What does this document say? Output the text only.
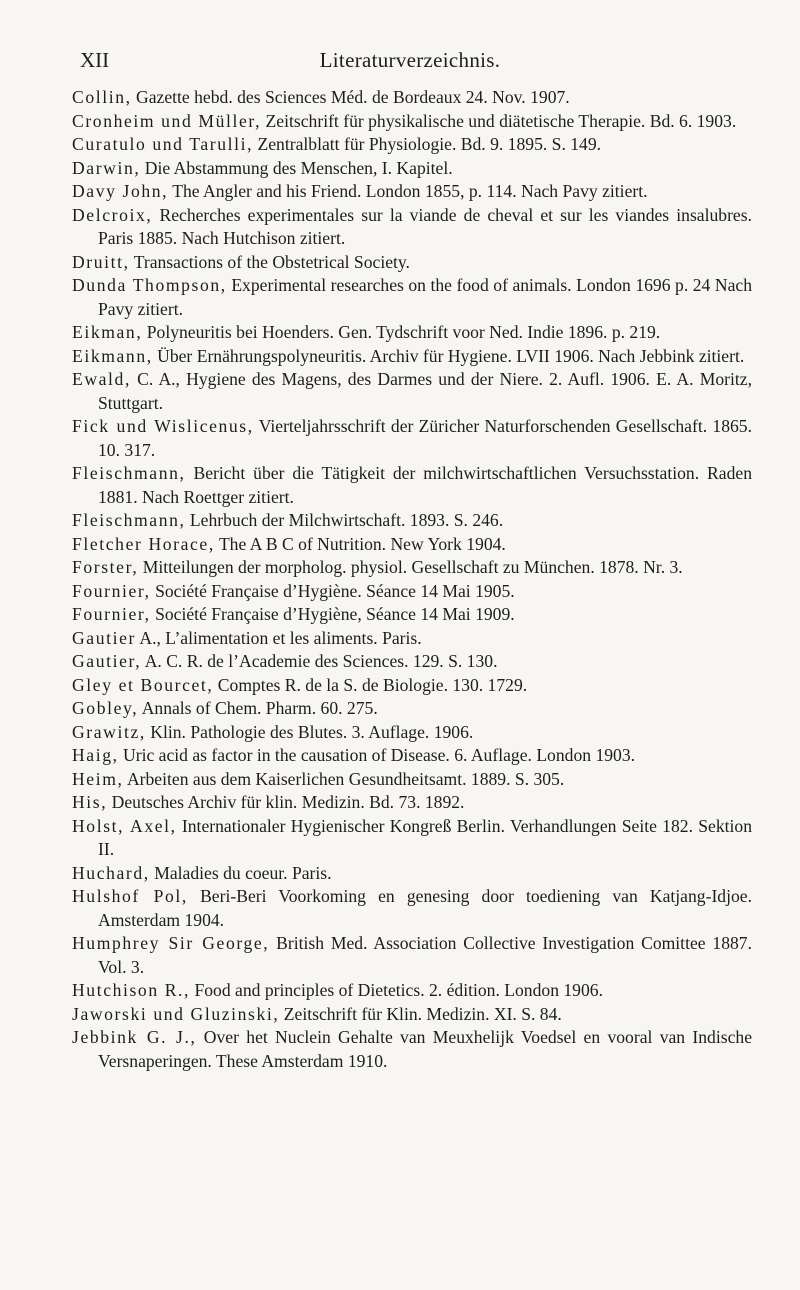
XII	Literaturverzeichnis.
Collin, Gazette hebd. des Sciences Méd. de Bordeaux 24. Nov. 1907.
Cronheim und Müller, Zeitschrift für physikalische und diätetische Therapie. Bd. 6. 1903.
Curatulo und Tarulli, Zentralblatt für Physiologie. Bd. 9. 1895. S. 149.
Darwin, Die Abstammung des Menschen, I. Kapitel.
Davy John, The Angler and his Friend. London 1855, p. 114. Nach Pavy zitiert.
Delcroix, Recherches experimentales sur la viande de cheval et sur les viandes insalubres. Paris 1885. Nach Hutchison zitiert.
Druitt, Transactions of the Obstetrical Society.
Dunda Thompson, Experimental researches on the food of animals. London 1696 p. 24 Nach Pavy zitiert.
Eikman, Polyneuritis bei Hoenders. Gen. Tydschrift voor Ned. Indie 1896. p. 219.
Eikmann, Über Ernährungspolyneuritis. Archiv für Hygiene. LVII 1906. Nach Jebbink zitiert.
Ewald, C. A., Hygiene des Magens, des Darmes und der Niere. 2. Aufl. 1906. E. A. Moritz, Stuttgart.
Fick und Wislicenus, Vierteljahrsschrift der Züricher Naturforschenden Gesellschaft. 1865. 10. 317.
Fleischmann, Bericht über die Tätigkeit der milchwirtschaftlichen Versuchsstation. Raden 1881. Nach Roettger zitiert.
Fleischmann, Lehrbuch der Milchwirtschaft. 1893. S. 246.
Fletcher Horace, The A B C of Nutrition. New York 1904.
Forster, Mitteilungen der morpholog. physiol. Gesellschaft zu München. 1878. Nr. 3.
Fournier, Société Française d’Hygiène. Séance 14 Mai 1905.
Fournier, Société Française d’Hygiène, Séance 14 Mai 1909.
Gautier A., L’alimentation et les aliments. Paris.
Gautier, A. C. R. de l’Academie des Sciences. 129. S. 130.
Gley et Bourcet, Comptes R. de la S. de Biologie. 130. 1729.
Gobley, Annals of Chem. Pharm. 60. 275.
Grawitz, Klin. Pathologie des Blutes. 3. Auflage. 1906.
Haig, Uric acid as factor in the causation of Disease. 6. Auflage. London 1903.
Heim, Arbeiten aus dem Kaiserlichen Gesundheitsamt. 1889. S. 305.
His, Deutsches Archiv für klin. Medizin. Bd. 73. 1892.
Holst, Axel, Internationaler Hygienischer Kongreß Berlin. Verhandlungen Seite 182. Sektion II.
Huchard, Maladies du coeur. Paris.
Hulshof Pol, Beri-Beri Voorkoming en genesing door toediening van Katjang-Idjoe. Amsterdam 1904.
Humphrey Sir George, British Med. Association Collective Investigation Comittee 1887. Vol. 3.
Hutchison R., Food and principles of Dietetics. 2. édition. London 1906.
Jaworski und Gluzinski, Zeitschrift für Klin. Medizin. XI. S. 84.
Jebbink G. J., Over het Nuclein Gehalte van Meuxhelijk Voedsel en vooral van Indische Versnaperingen. These Amsterdam 1910.
